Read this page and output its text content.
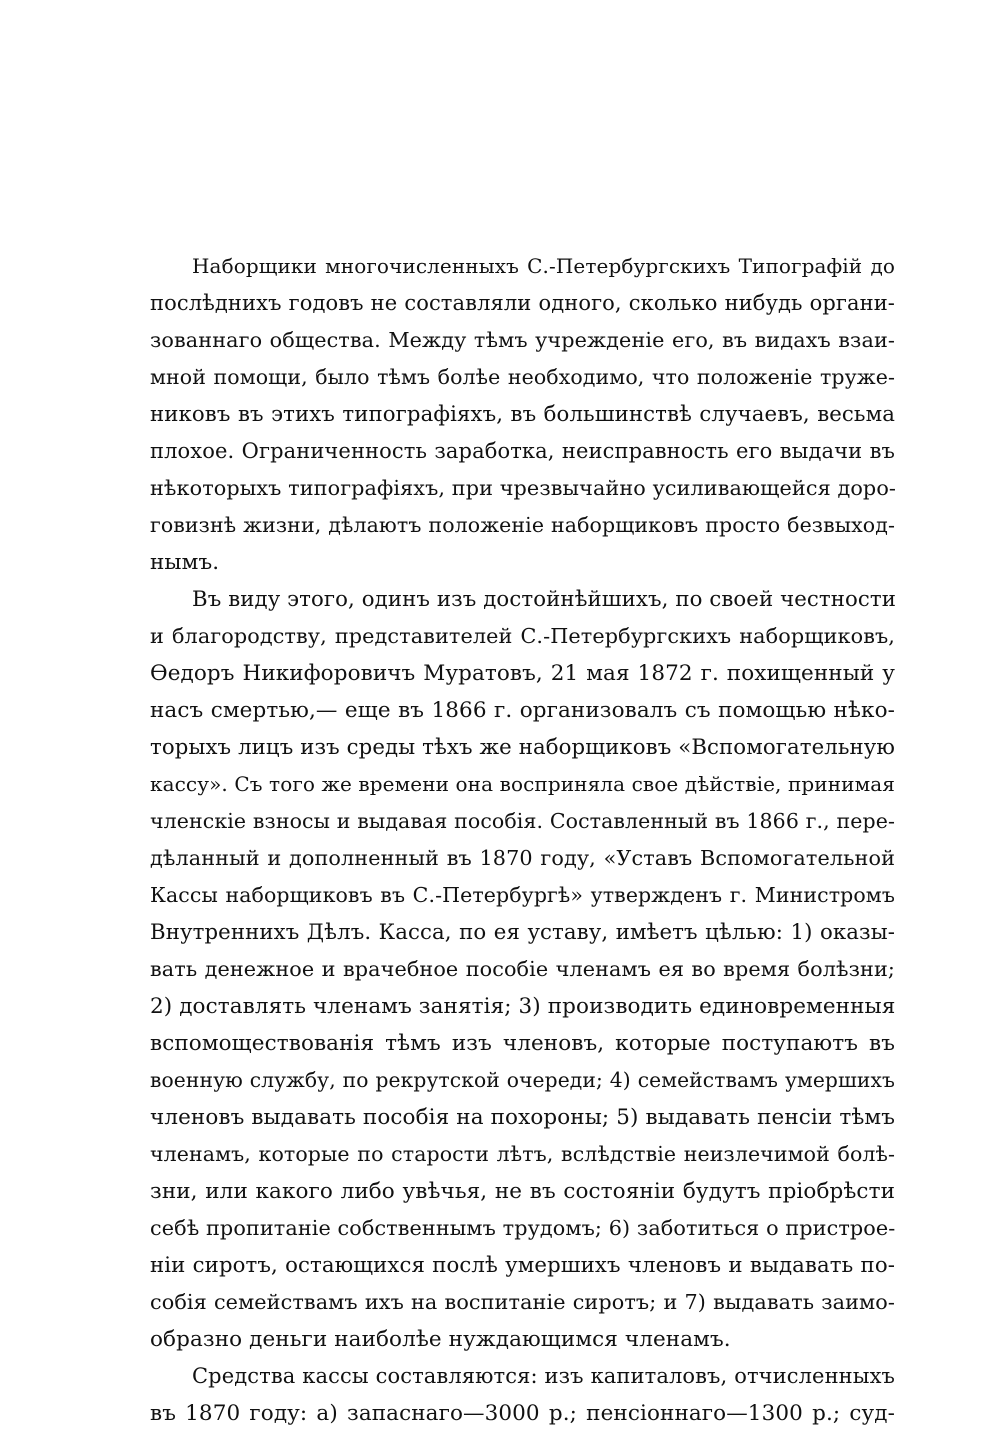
Наборщики многочисленныхъ С.-Петербургскихъ Типографій до
послѣднихъ годовъ не составляли одного, сколько нибудь органи-
зованнаго общества. Между тѣмъ учрежденіе его, въ видахъ взаи-
мной помощи, было тѣмъ болѣе необходимо, что положеніе труже-
никовъ въ этихъ типографіяхъ, въ большинствѣ случаевъ, весьма
плохое. Ограниченность заработка, неисправность его выдачи въ
нѣкоторыхъ типографіяхъ, при чрезвычайно усиливающейся доро-
говизнѣ жизни, дѣлаютъ положеніе наборщиковъ просто безвыход-
нымъ.
Въ виду этого, одинъ изъ достойнѣйшихъ, по своей честности
и благородству, представителей С.-Петербургскихъ наборщиковъ,
Ѳедоръ Никифоровичъ Муратовъ, 21 мая 1872 г. похищенный у
насъ смертью,— еще въ 1866 г. организовалъ съ помощью нѣко-
торыхъ лицъ изъ среды тѣхъ же наборщиковъ «Вспомогательную
кассу». Съ того же времени она восприняла свое дѣйствіе, принимая
членскіе взносы и выдавая пособія. Составленный въ 1866 г., пере-
дѣланный и дополненный въ 1870 году, «Уставъ Вспомогательной
Кассы наборщиковъ въ С.-Петербургѣ» утвержденъ г. Министромъ
Внутреннихъ Дѣлъ. Касса, по ея уставу, имѣетъ цѣлью: 1) оказы-
вать денежное и врачебное пособіе членамъ ея во время болѣзни;
2) доставлять членамъ занятія; 3) производить единовременныя
вспомоществованія тѣмъ изъ членовъ, которые поступаютъ въ
военную службу, по рекрутской очереди; 4) семействамъ умершихъ
членовъ выдавать пособія на похороны; 5) выдавать пенсіи тѣмъ
членамъ, которые по старости лѣтъ, вслѣдствіе неизлечимой болѣ-
зни, или какого либо увѣчья, не въ состояніи будутъ пріобрѣсти
себѣ пропитаніе собственнымъ трудомъ; 6) заботиться о пристрое-
ніи сиротъ, остающихся послѣ умершихъ членовъ и выдавать по-
собія семействамъ ихъ на воспитаніе сиротъ; и 7) выдавать заимо-
образно деньги наиболѣе нуждающимся членамъ.
Средства кассы составляются: изъ капиталовъ, отчисленныхъ
въ 1870 году: а) запаснаго—3000 р.; пенсіоннаго—1300 р.; суд-
